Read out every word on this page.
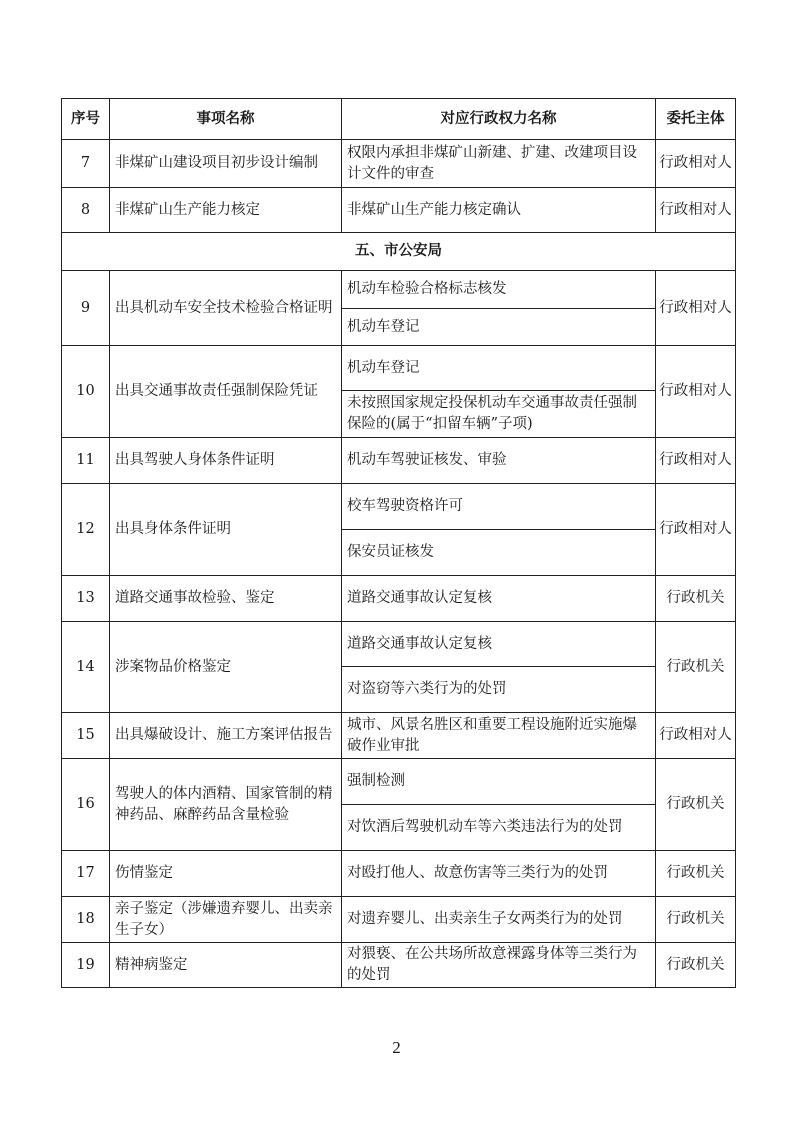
序号	事项名称	对应行政权力名称	委托主体
7	非煤矿山建设项目初步设计编制	权限内承担非煤矿山新建、扩建、改建项目设计文件的审查	行政相对人
8	非煤矿山生产能力核定	非煤矿山生产能力核定确认	行政相对人
五、市公安局			
9	出具机动车安全技术检验合格证明	机动车检验合格标志核发	行政相对人
		机动车登记	
10	出具交通事故责任强制保险凭证	机动车登记	行政相对人
		未按照国家规定投保机动车交通事故责任强制保险的(属于“扣留车辆”子项)	
11	出具驾驶人身体条件证明	机动车驾驶证核发、审验	行政相对人
12	出具身体条件证明	校车驾驶资格许可	行政相对人
		保安员证核发	
13	道路交通事故检验、鉴定	道路交通事故认定复核	行政机关
14	涉案物品价格鉴定	道路交通事故认定复核	行政机关
		对盗窃等六类行为的处罚	
15	出具爆破设计、施工方案评估报告	城市、风景名胜区和重要工程设施附近实施爆破作业审批	行政相对人
16	驾驶人的体内酒精、国家管制的精神药品、麻醉药品含量检验	强制检测	行政机关
		对饮酒后驾驶机动车等六类违法行为的处罚	
17	伤情鉴定	对殴打他人、故意伤害等三类行为的处罚	行政机关
18	亲子鉴定（涉嫌遗弃婴儿、出卖亲生子女）	对遗弃婴儿、出卖亲生子女两类行为的处罚	行政机关
19	精神病鉴定	对猥亵、在公共场所故意裸露身体等三类行为的处罚	行政机关
2
